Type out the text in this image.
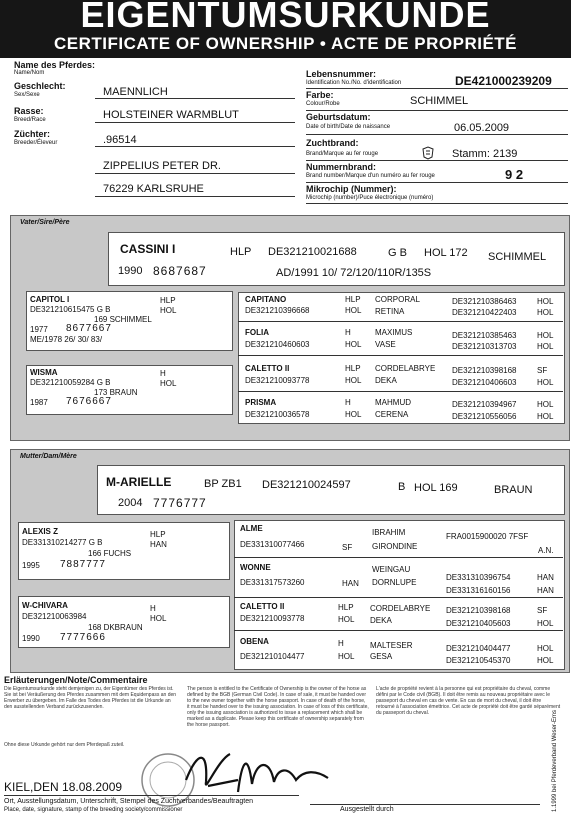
EIGENTUMSURKUNDE
CERTIFICATE OF OWNERSHIP • ACTE DE PROPRIÉTÉ
Name des Pferdes:
Name/Nom
Geschlecht:
Sex/Sexe	MAENNLICH
Rasse:
Breed/Race	HOLSTEINER WARMBLUT
Züchter:
Breeder/Éleveur	.96514
ZIPPELIUS PETER DR.
76229 KARLSRUHE
Lebensnummer:
Identification No./No. d'identification	DE421000239209
Farbe:
Colour/Robe	SCHIMMEL
Geburtsdatum:
Date of birth/Date de naissance	06.05.2009
Zuchtbrand:
Brand/Marque au fer rouge	Stamm: 2139
Nummernbrand:
Brand number/Marque d'un numéro au fer rouge	9 2
Mikrochip (Nummer):
Microchip (number)/Puce électronique (numéro)
Vater/Sire/Père
CASSINI I	HLP DE321210021688	G B HOL 172 SCHIMMEL
1990 8687687	AD/1991 10/ 72/120/110R/135S
CAPITOL I	HLP
DE321210615475 G B	HOL
169 SCHIMMEL
1977 8677667
ME/1978 26/ 30/ 83/
WISMA	H
DE321210059284 G B	HOL
173 BRAUN
1987 7676667
CAPITANO	HLP
DE321210396668	HOL
CORPORAL	DE321210386463	HOL
RETINA	DE321210422403	HOL
FOLIA	H
DE321210460603	HOL
MAXIMUS	DE321210385463	HOL
VASE	DE321210313703	HOL
CALETTO II	HLP
DE321210093778	HOL
CORDELABRYE DE321210398168	SF
DEKA	DE321210406603	HOL
PRISMA	H
DE321210036578	HOL
MAHMUD	DE321210394967	HOL
CERENA	DE321210556056	HOL
Mutter/Dam/Mère
M-ARIELLE	BP ZB1 DE321210024597	B HOL 169	BRAUN
2004 7776777
ALEXIS Z	HLP
DE331310214277 G B	HAN
166 FUCHS
1995 7887777
W-CHIVARA	H
DE321210063984	HOL
168 DKBRAUN
1990 7777666
ALME
DE331310077466	SF
IBRAHIM	FRA0015900020 7FSF
GIRONDINE	A.N.
WONNE
DE331317573260	HAN
WEINGAU
DE331310396754	HAN
DORNLUPE
DE331316160156	HAN
CALETTO II	HLP
DE321210093778	HOL
CORDELABRYE DE321210398168	SF
DEKA	DE321210405603	HOL
OBENA	H
DE321210104477	HOL
MALTESER	DE321210404477	HOL
GESA	DE321210545370	HOL
Erläuterungen/Note/Commentaire
Die Eigentumsurkunde steht demjenigen zu, der Eigentümer des Pferdes ist. Sie ist bei Veräußerung des Pferdes zusammen mit dem Equidenpass an den Erwerber zu übergeben. Im Falle des Todes des Pferdes ist die Urkunde an den ausstellenden Verband zurückzusenden.
Ohne diese Urkunde gehört nur dem Pferdepaß zuteil.
The person is entitled to the Certificate of Ownership is the owner of the horse as defined by the BGB (German Civil Code). In case of sale, it must be handed over to the new owner together with the horse passport. In case of death of the horse, it must be handed over to the issuing association. In case of loss of this certificate, only the issuing association is authorized to issue a replacement which shall be marked as a duplicate. Please keep this certificate of ownership separately from the horse passport.
L'acte de propriété revient à la personne qui est propriétaire du cheval, comme défini par le Code civil (BGB). Il doit être remis au nouveau propriétaire avec le passeport du cheval en cas de vente. En cas de mort du cheval, il doit être retourné à l'association émettrice. Cet acte de propriété doit être gardé séparément du passeport du cheval.
KIEL,DEN 18.08.2009
Ort, Ausstellungsdatum, Unterschrift, Stempel des Zuchtverbandes/Beauftragten
Place, date, signature, stamp of the breeding society/commissioner	Ausgestellt durch	1.1999 bei Pferdeverband Weser-Ems
